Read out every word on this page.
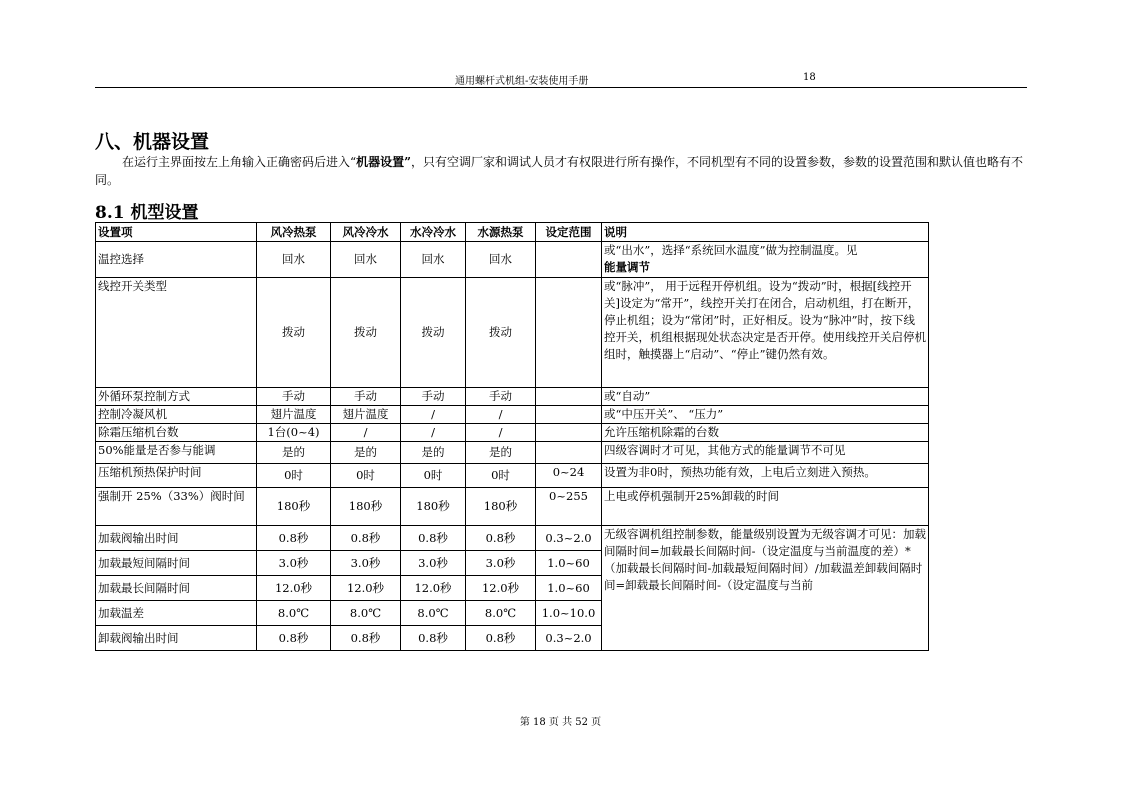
通用螺杆式机组-安装使用手册	18
八、机器设置
在运行主界面按左上角输入正确密码后进入“机器设置”，只有空调厂家和调试人员才有权限进行所有操作，不同机型有不同的设置参数，参数的设置范围和默认值也略有不同。
8.1 机型设置
设置项	风冷热泵	风冷冷水	水冷冷水	水源热泵	设定范围	说明
温控选择	回水	回水	回水	回水		或“出水”，选择“系统回水温度”做为控制温度。见
能量调节
线控开关类型	拨动	拨动	拨动	拨动		或“脉冲”， 用于远程开停机组。设为“拨动”时，根据[线控开关]设定为“常开”，线控开关打在闭合，启动机组，打在断开，停止机组；设为“常闭”时，正好相反。设为“脉冲”时，按下线控开关，机组根据现处状态决定是否开停。使用线控开关启停机组时，触摸器上“启动”、“停止”键仍然有效。
外循环泵控制方式	手动	手动	手动	手动		或“自动”
控制冷凝风机	翅片温度	翅片温度	/	/		或“中压开关”、 “压力”
除霜压缩机台数	1台(0~4)	/	/	/		允许压缩机除霜的台数
50%能量是否参与能调	是的	是的	是的	是的		四级容调时才可见，其他方式的能量调节不可见
压缩机预热保护时间	0时	0时	0时	0时	0~24	设置为非0时，预热功能有效，上电后立刻进入预热。
强制开 25%（33%）阀时间	180秒	180秒	180秒	180秒	0~255	上电或停机强制开25%卸载的时间
加载阀输出时间	0.8秒	0.8秒	0.8秒	0.8秒	0.3~2.0	无级容调机组控制参数，能量级别设置为无级容调才可见：加载间隔时间=加载最长间隔时间-（设定温度与当前温度的差）*（加载最长间隔时间-加载最短间隔时间）/加载温差卸载间隔时间=卸载最长间隔时间-（设定温度与当前

加载最短间隔时间	3.0秒	3.0秒	3.0秒	3.0秒	1.0~60	
加载最长间隔时间	12.0秒	12.0秒	12.0秒	12.0秒	1.0~60	
加载温差	8.0℃	8.0℃	8.0℃	8.0℃	1.0~10.0	
卸载阀输出时间	0.8秒	0.8秒	0.8秒	0.8秒	0.3~2.0	
第 18 页 共 52 页
